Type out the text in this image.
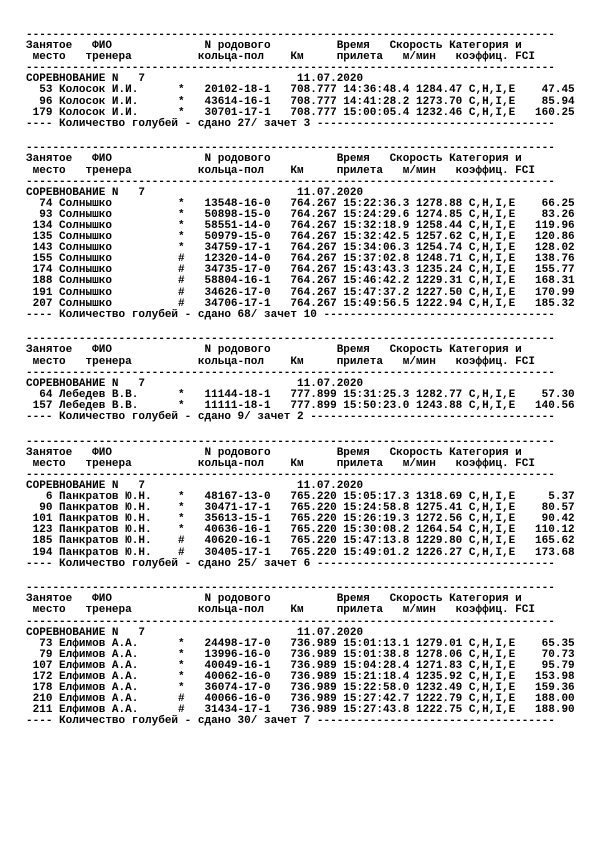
--------------------------------------------------------------------------------
Занятое   ФИО              N родового          Время   Скорость Категория и
место   тренера          кольца-пол    Км     прилета   м/мин   коэффиц. FCI
--------------------------------------------------------------------------------
СОРЕВНОВАНИЕ N   7                       11.07.2020
53 Колосок И.И.      *   20102-18-1   708.777 14:36:48.4 1284.47 C,H,I,E    47.45
96 Колосок И.И.      *   43614-16-1   708.777 14:41:28.2 1273.70 C,H,I,E    85.94
179 Колосок И.И.      *   30701-17-1   708.777 15:00:05.4 1232.46 C,H,I,E   160.25
---- Количество голубей - сдано 27/ зачет 3 ------------------------------------
--------------------------------------------------------------------------------
Занятое   ФИО              N родового          Время   Скорость Категория и
место   тренера          кольца-пол    Км     прилета   м/мин   коэффиц. FCI
--------------------------------------------------------------------------------
СОРЕВНОВАНИЕ N   7                       11.07.2020
74 Солнышко          *   13548-16-0   764.267 15:22:36.3 1278.88 C,H,I,E    66.25
93 Солнышко          *   50898-15-0   764.267 15:24:29.6 1274.85 C,H,I,E    83.26
134 Солнышко          *   58551-14-0   764.267 15:32:18.9 1258.44 C,H,I,E   119.96
135 Солнышко          *   50979-15-0   764.267 15:32:42.5 1257.62 C,H,I,E   120.86
143 Солнышко          *   34759-17-1   764.267 15:34:06.3 1254.74 C,H,I,E   128.02
155 Солнышко          #   12320-14-0   764.267 15:37:02.8 1248.71 C,H,I,E   138.76
174 Солнышко          #   34735-17-0   764.267 15:43:43.3 1235.24 C,H,I,E   155.77
188 Солнышко          #   58804-16-1   764.267 15:46:42.2 1229.31 C,H,I,E   168.31
191 Солнышко          #   34626-17-0   764.267 15:47:37.2 1227.50 C,H,I,E   170.99
207 Солнышко          #   34706-17-1   764.267 15:49:56.5 1222.94 C,H,I,E   185.32
---- Количество голубей - сдано 68/ зачет 10 -----------------------------------
--------------------------------------------------------------------------------
Занятое   ФИО              N родового          Время   Скорость Категория и
место   тренера          кольца-пол    Км     прилета   м/мин   коэффиц. FCI
--------------------------------------------------------------------------------
СОРЕВНОВАНИЕ N   7                       11.07.2020
64 Лебедев В.В.      *   11144-18-1   777.899 15:31:25.3 1282.77 C,H,I,E    57.30
157 Лебедев В.В.      *   11111-18-1   777.899 15:50:23.0 1243.88 C,H,I,E   140.56
---- Количество голубей - сдано 9/ зачет 2 -------------------------------------
--------------------------------------------------------------------------------
Занятое   ФИО              N родового          Время   Скорость Категория и
место   тренера          кольца-пол    Км     прилета   м/мин   коэффиц. FCI
--------------------------------------------------------------------------------
СОРЕВНОВАНИЕ N   7                       11.07.2020
6 Панкратов Ю.Н.    *   48167-13-0   765.220 15:05:17.3 1318.69 C,H,I,E     5.37
90 Панкратов Ю.Н.    *   30471-17-1   765.220 15:24:58.8 1275.41 C,H,I,E    80.57
101 Панкратов Ю.Н.    *   35613-15-1   765.220 15:26:19.3 1272.56 C,H,I,E    90.42
123 Панкратов Ю.Н.    *   40636-16-1   765.220 15:30:08.2 1264.54 C,H,I,E   110.12
185 Панкратов Ю.Н.    #   40620-16-1   765.220 15:47:13.8 1229.80 C,H,I,E   165.62
194 Панкратов Ю.Н.    #   30405-17-1   765.220 15:49:01.2 1226.27 C,H,I,E   173.68
---- Количество голубей - сдано 25/ зачет 6 ------------------------------------
--------------------------------------------------------------------------------
Занятое   ФИО              N родового          Время   Скорость Категория и
место   тренера          кольца-пол    Км     прилета   м/мин   коэффиц. FCI
--------------------------------------------------------------------------------
СОРЕВНОВАНИЕ N   7                       11.07.2020
73 Елфимов А.А.      *   24498-17-0   736.989 15:01:13.1 1279.01 C,H,I,E    65.35
79 Елфимов А.А.      *   13996-16-0   736.989 15:01:38.8 1278.06 C,H,I,E    70.73
107 Елфимов А.А.      *   40049-16-1   736.989 15:04:28.4 1271.83 C,H,I,E    95.79
172 Елфимов А.А.      *   40062-16-0   736.989 15:21:18.4 1235.92 C,H,I,E   153.98
178 Елфимов А.А.      *   36074-17-0   736.989 15:22:58.0 1232.49 C,H,I,E   159.36
210 Елфимов А.А.      #   40066-16-0   736.989 15:27:42.7 1222.79 C,H,I,E   188.00
211 Елфимов А.А.      #   31434-17-1   736.989 15:27:43.8 1222.75 C,H,I,E   188.90
---- Количество голубей - сдано 30/ зачет 7 ------------------------------------
